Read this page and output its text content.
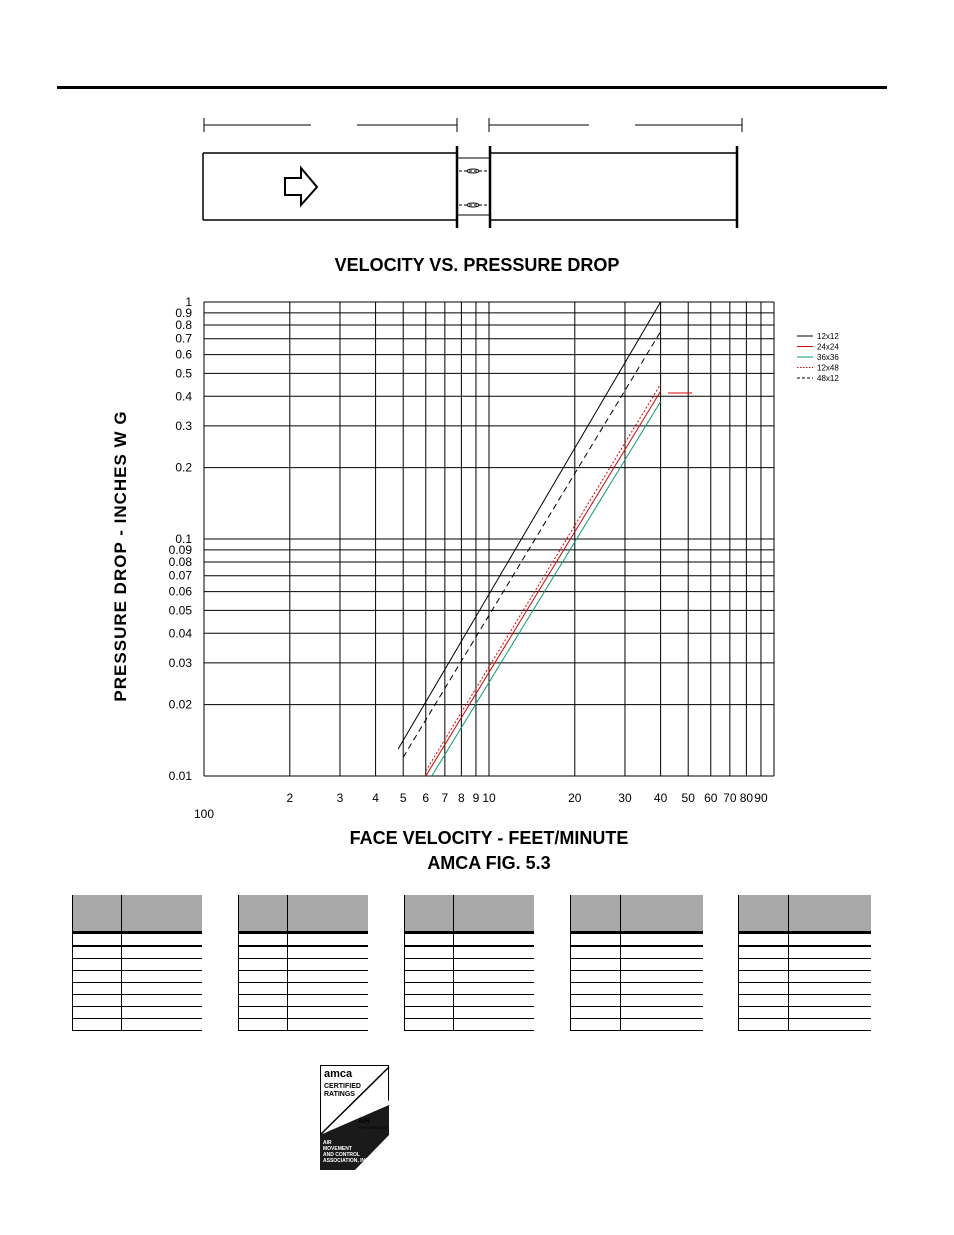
VELOCITY VS. PRESSURE DROP
PRESSURE DROP - INCHES W G
100
2	3 4 5 6 7 8 9 10	20	30 40 50 60 70 80 90
0.01
0.02
0.03
0.04
0.05
0.06
0.07
0.08
0.09
0.1
0.2
0.3
0.4
0.5
0.6
0.7
0.8
0.9
1
12x12
24x24
36x36
12x48
48x12
FACE VELOCITY - FEET/MINUTE
AMCA FIG. 5.3

amca
CERTIFIED
RATINGS
AIR
PERFORMANCE
AIR
MOVEMENT
AND CONTROL
ASSOCIATION, INC.
